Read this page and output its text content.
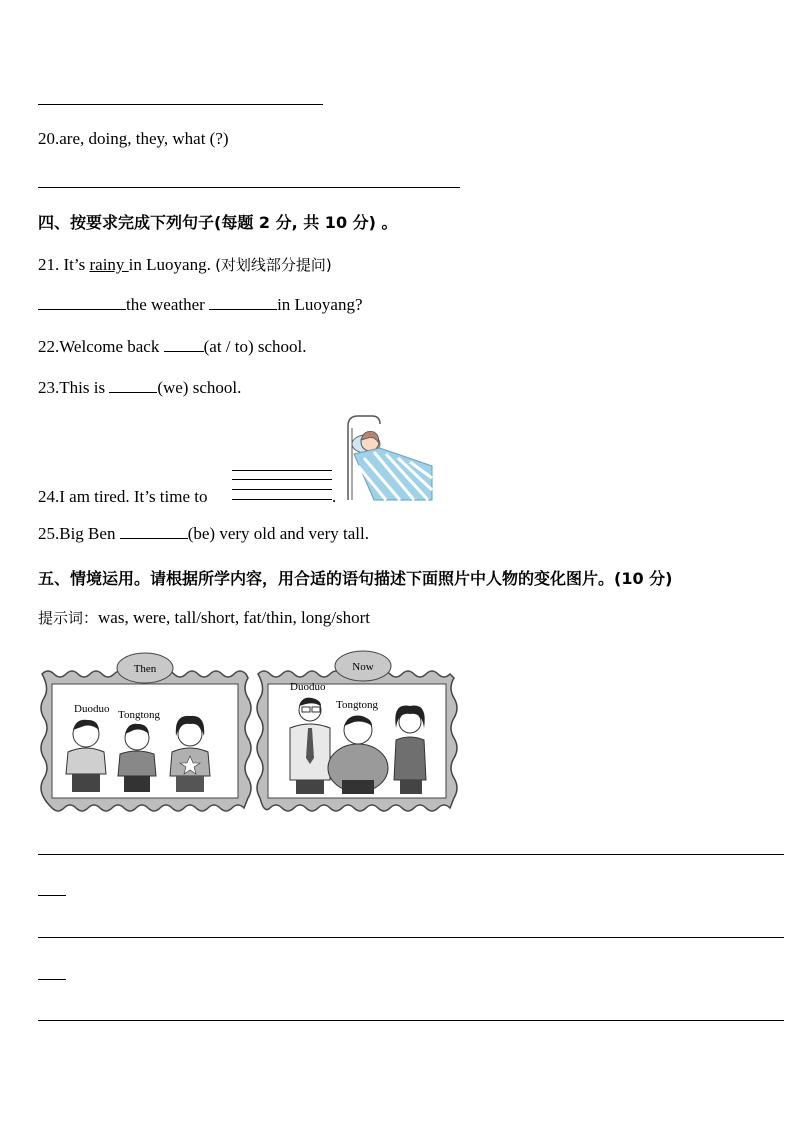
20.are, doing, they, what (?)
四、按要求完成下列句子(每题 2 分, 共 10 分) 。
21. It’s rainy in Luoyang. (对划线部分提问)
the weather	in Luoyang?
22.Welcome back (at / to) school.
23.This is	(we) school.
24.I am tired. It’s time to	.
25.Big Ben	(be) very old and very tall.
五、情境运用。请根据所学内容，用合适的语句描述下面照片中人物的变化图片。(10 分)
提示词：was, were, tall/short, fat/thin, long/short
Then
Duoduo Tongtong
Now
Duoduo
Tongtong
